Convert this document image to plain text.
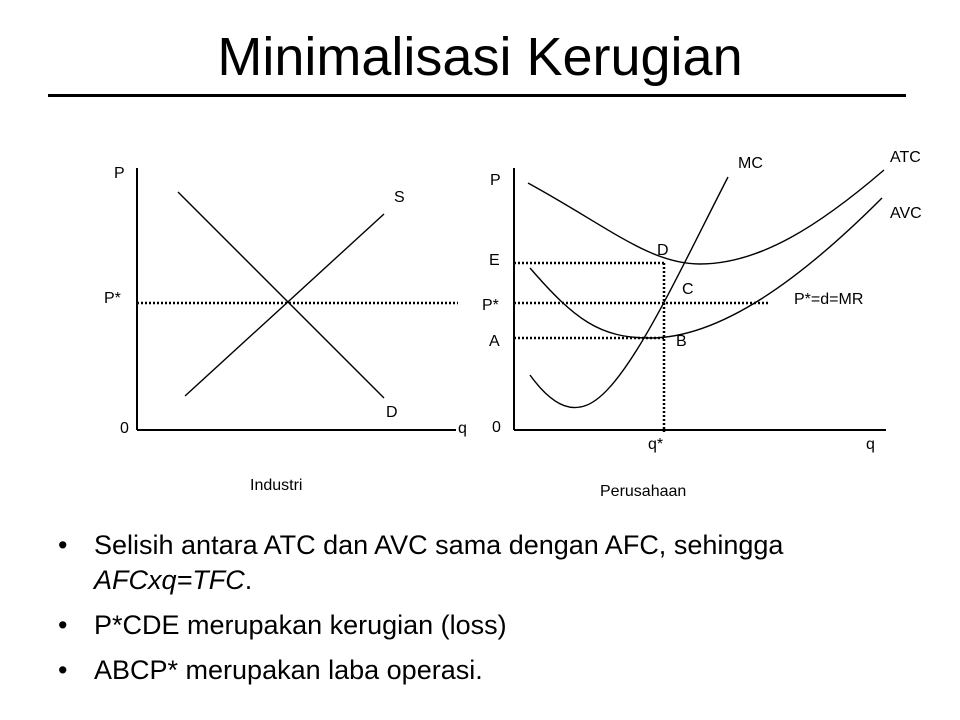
Minimalisasi Kerugian
P
q
0
P*
S
D
Industri
P
q
0
MC	ATC
AVC
P*=d=MR
E
P*
A
D
C
B
q*
Perusahaan
• Selisih antara ATC dan AVC sama dengan AFC, sehingga AFCxq=TFC.
• P*CDE merupakan kerugian (loss)
• ABCP* merupakan laba operasi.
